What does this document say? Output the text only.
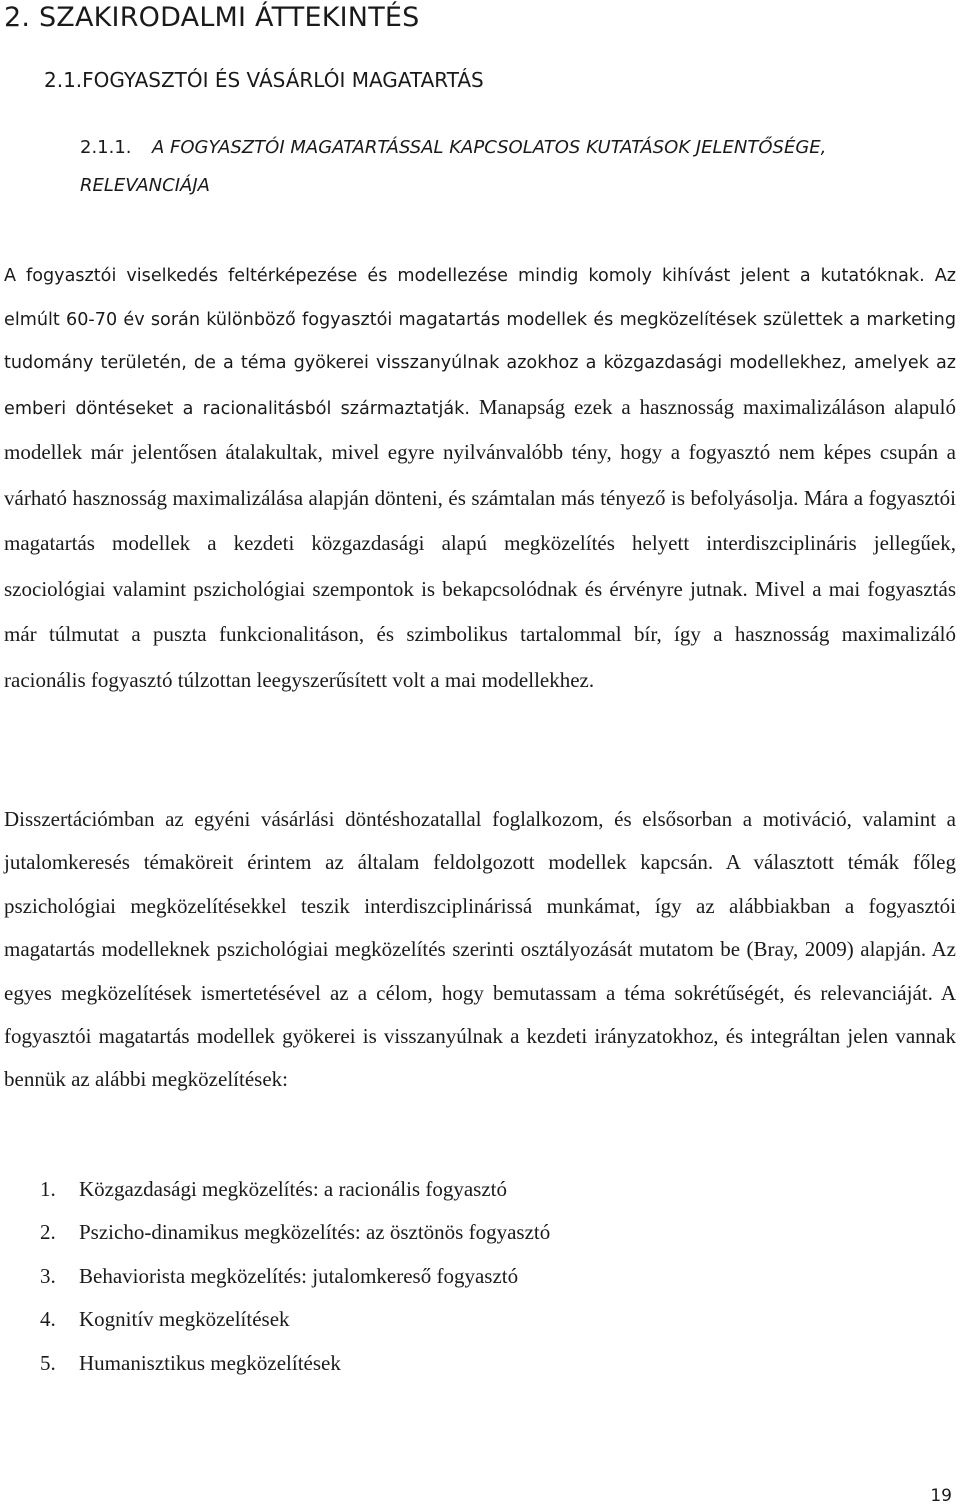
2. SZAKIRODALMI ÁTTEKINTÉS
2.1.FOGYASZTÓI ÉS VÁSÁRLÓI MAGATARTÁS
2.1.1. A FOGYASZTÓI MAGATARTÁSSAL KAPCSOLATOS KUTATÁSOK JELENTŐSÉGE, RELEVANCIÁJA

A fogyasztói viselkedés feltérképezése és modellezése mindig komoly kihívást jelent a kutatóknak. Az elmúlt 60-70 év során különböző fogyasztói magatartás modellek és megközelítések születtek a marketing tudomány területén, de a téma gyökerei visszanyúlnak azokhoz a közgazdasági modellekhez, amelyek az emberi döntéseket a racionalitásból származtatják. Manapság ezek a hasznosság maximalizáláson alapuló modellek már jelentősen átalakultak, mivel egyre nyilvánvalóbb tény, hogy a fogyasztó nem képes csupán a várható hasznosság maximalizálása alapján dönteni, és számtalan más tényező is befolyásolja. Mára a fogyasztói magatartás modellek a kezdeti közgazdasági alapú megközelítés helyett interdiszciplináris jellegűek, szociológiai valamint pszichológiai szempontok is bekapcsolódnak és érvényre jutnak. Mivel a mai fogyasztás már túlmutat a puszta funkcionalitáson, és szimbolikus tartalommal bír, így a hasznosság maximalizáló racionális fogyasztó túlzottan leegyszerűsített volt a mai modellekhez.

Disszertációmban az egyéni vásárlási döntéshozatallal foglalkozom, és elsősorban a motiváció, valamint a jutalomkeresés témaköreit érintem az általam feldolgozott modellek kapcsán. A választott témák főleg pszichológiai megközelítésekkel teszik interdiszciplinárissá munkámat, így az alábbiakban a fogyasztói magatartás modelleknek pszichológiai megközelítés szerinti osztályozását mutatom be (Bray, 2009) alapján. Az egyes megközelítések ismertetésével az a célom, hogy bemutassam a téma sokrétűségét, és relevanciáját. A fogyasztói magatartás modellek gyökerei is visszanyúlnak a kezdeti irányzatokhoz, és integráltan jelen vannak bennük az alábbi megközelítések:

1. Közgazdasági megközelítés: a racionális fogyasztó
2. Pszicho-dinamikus megközelítés: az ösztönös fogyasztó
3. Behaviorista megközelítés: jutalomkereső fogyasztó
4. Kognitív megközelítések
5. Humanisztikus megközelítések
19
